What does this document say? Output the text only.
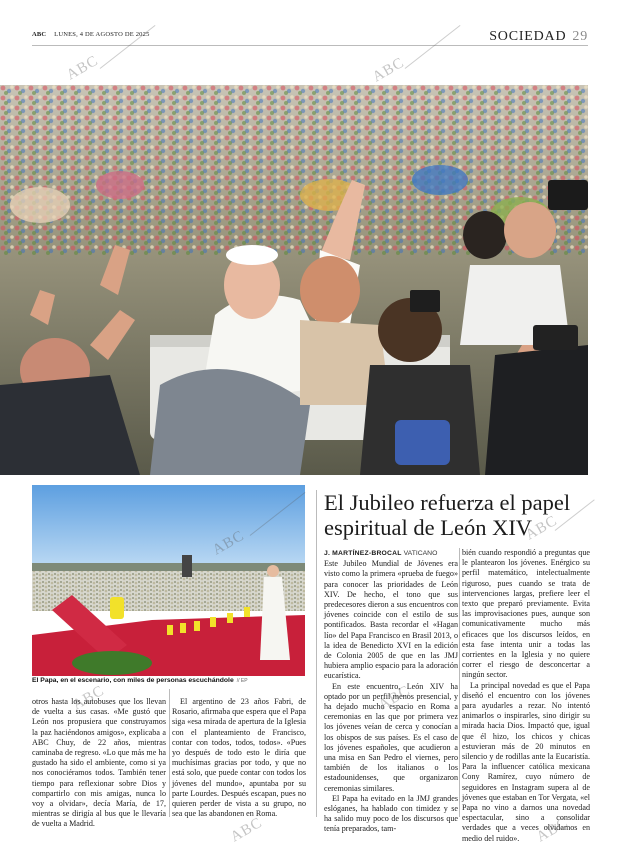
ABC LUNES, 4 DE AGOSTO DE 2025	SOCIEDAD 29
El Papa, en el escenario, con miles de personas escuchándole // EP
El Jubileo refuerza el papel espiritual de León XIV

J. MARTÍNEZ-BROCAL VATICANO

Este Jubileo Mundial de Jóvenes era visto como la primera «prueba de fuego» para conocer las prioridades de León XIV. De hecho, el tono que sus predecesores dieron a sus encuentros con jóvenes coincide con el estilo de sus pontificados. Basta recordar el «Hagan lío» del Papa Francisco en Brasil 2013, o la idea de Benedicto XVI en la edición de Colonia 2005 de que en las JMJ hubiera amplio espacio para la adoración eucarística.

En este encuentro, León XIV ha optado por un perfil menos presencial, y ha dejado mucho espacio en Roma a ceremonias en las que por primera vez los jóvenes veían de cerca y conocían a los obispos de sus países. Es el caso de los jóvenes españoles, que acudieron a una misa en San Pedro el viernes, pero también de los italianos o los estadounidenses, que organizaron ceremonias similares.

El Papa ha evitado en la JMJ grandes eslóganes, ha hablado con timidez y se ha salido muy poco de los discursos que tenía preparados, tam-

bién cuando respondió a preguntas que le plantearon los jóvenes. Enérgico su perfil matemático, intelectualmente riguroso, pues cuando se trata de intervenciones largas, prefiere leer el texto que preparó previamente. Evita las improvisaciones pues, aunque son comunicativamente mucho más eficaces que los discursos leídos, en esta fase intenta unir a todas las corrientes en la Iglesia y no quiere correr el riesgo de desconcertar a ningún sector.

La principal novedad es que el Papa diseñó el encuentro con los jóvenes para ayudarles a rezar. No intentó animarlos o inspirarles, sino dirigir su mirada hacia Dios. Impactó que, igual que él hizo, los chicos y chicas estuvieran más de 20 minutos en silencio y de rodillas ante la Eucaristía. Para la influencer católica mexicana Cony Ramírez, cuyo número de seguidores en Instagram supera al de jóvenes que estaban en Tor Vergata, «el Papa no vino a darnos una novedad espectacular, sino a consolidar verdades que a veces olvidamos en medio del ruido».

otros hasta los autobuses que los llevan de vuelta a sus casas. «Me gustó que León nos propusiera que construyamos la paz haciéndonos amigos», explicaba a ABC Chuy, de 22 años, mientras caminaba de regreso. «Lo que más me ha gustado ha sido el ambiente, como si ya nos conociéramos todos. También tener tiempo para reflexionar sobre Dios y compartirlo con mis amigas, nunca lo voy a olvidar», decía María, de 17, mientras se dirigía al bus que le llevaría de vuelta a Madrid.

El argentino de 23 años Fabri, de Rosario, afirmaba que espera que el Papa siga «esa mirada de apertura de la Iglesia con el planteamiento de Francisco, contar con todos, todos, todos». «Pues yo después de todo esto le diría que muchísimas gracias por todo, y que no está solo, que puede contar con todos los jóvenes del mundo», apuntaba por su parte Lourdes. Después escapan, pues no quieren perder de vista a su grupo, no sea que las abandonen en Roma.

ABC	ABC
ABC	ABC
ABC	ABC
ABC	ABC
